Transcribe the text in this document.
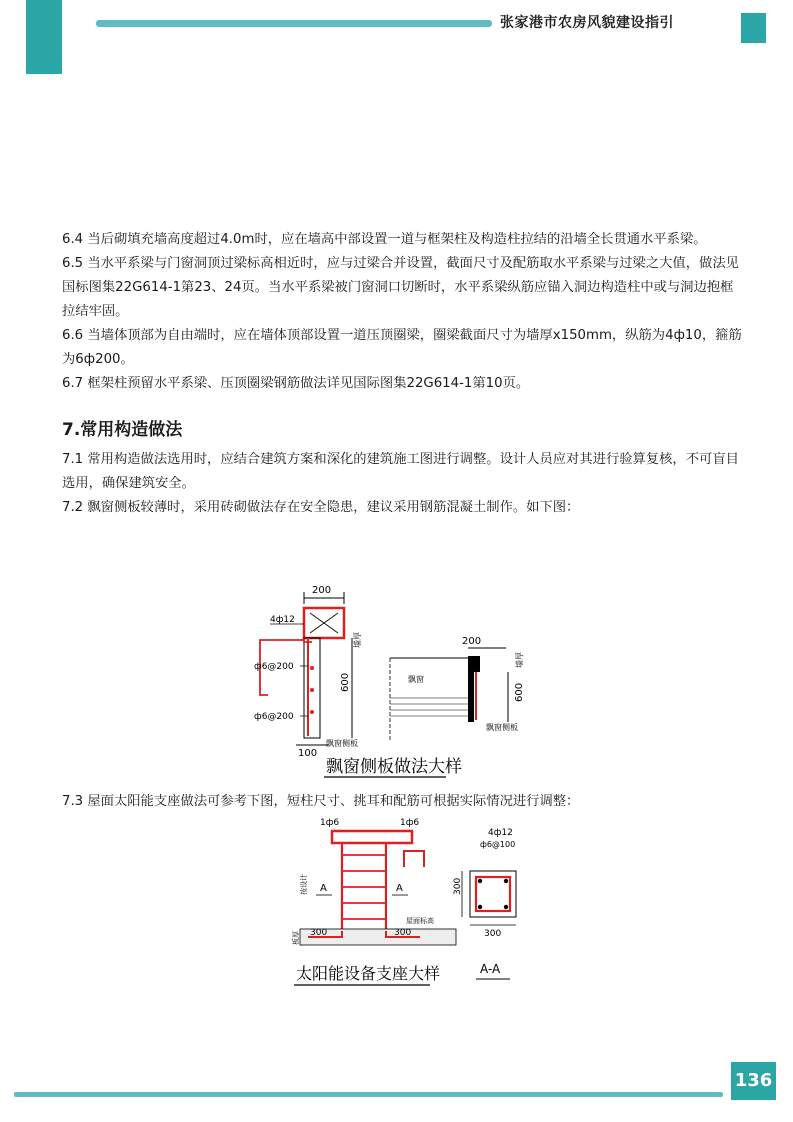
张家港市农房风貌建设指引

6.4 当后砌填充墙高度超过4.0m时，应在墙高中部设置一道与框架柱及构造柱拉结的沿墙全长贯通水平系梁。

6.5 当水平系梁与门窗洞顶过梁标高相近时，应与过梁合并设置，截面尺寸及配筋取水平系梁与过梁之大值，做法见国标图集22G614-1第23、24页。当水平系梁被门窗洞口切断时，水平系梁纵筋应锚入洞边构造柱中或与洞边抱框拉结牢固。

6.6 当墙体顶部为自由端时，应在墙体顶部设置一道压顶圈梁，圈梁截面尺寸为墙厚x150mm，纵筋为4ф10，箍筋为6ф200。

6.7 框架柱预留水平系梁、压顶圈梁钢筋做法详见国际图集22G614-1第10页。

7.常用构造做法

7.1 常用构造做法选用时，应结合建筑方案和深化的建筑施工图进行调整。设计人员应对其进行验算复核，不可盲目选用，确保建筑安全。

7.2 飘窗侧板较薄时，采用砖砌做法存在安全隐患，建议采用钢筋混凝土制作。如下图：

200
4ф12
墙厚
ф6@200
ф6@200
600
100
飘窗侧板
飘窗
200
600
墙厚
飘窗侧板
飘窗侧板做法大样

7.3 屋面太阳能支座做法可参考下图，短柱尺寸、挑耳和配筋可根据实际情况进行调整：

1ф6	1ф6
A	A
按设计
300	300
屋面标高
板厚
太阳能设备支座大样
4ф12
ф6@100
300
300
A-A
136
